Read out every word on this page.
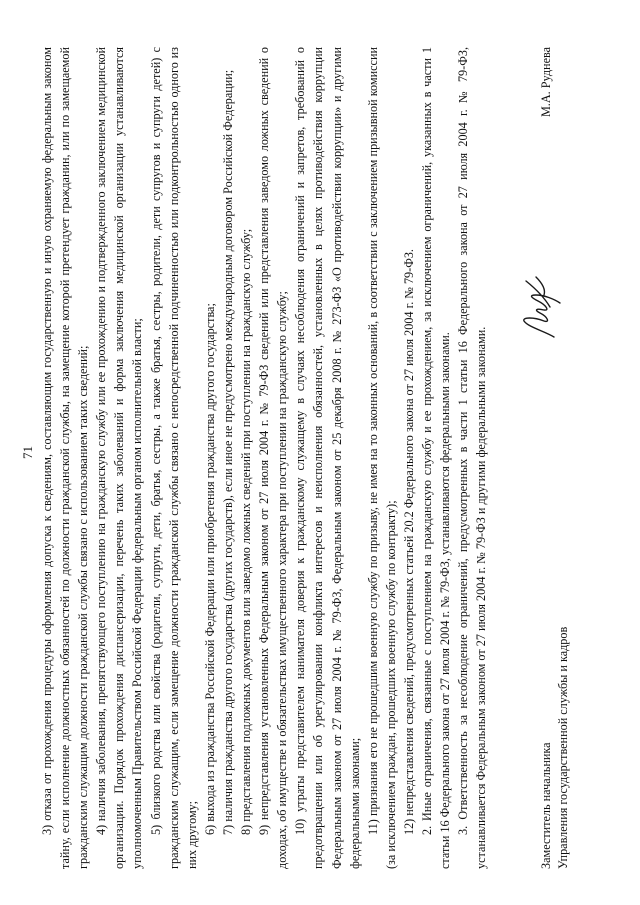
71 3) отказа от прохождения процедуры оформления допуска к сведениям, составляющим государственную и иную охраняемую федеральным законом тайну, если исполнение должностных обязанностей по должности гражданской службы, на замещение которой претендует гражданин, или по замещаемой гражданским служащим должности гражданской службы связано с использованием таких сведений; 4) наличия заболевания, препятствующего поступлению на гражданскую службу или ее прохождению и подтвержденного заключением медицинской организации. Порядок прохождения диспансеризации, перечень таких заболеваний и форма заключения медицинской организации устанавливаются уполномоченным Правительством Российской Федерации федеральным органом исполнительной власти; 5) близкого родства или свойства (родители, супруги, дети, братья, сестры, а также братья, сестры, родители, дети супругов и супруги детей) с гражданским служащим, если замещение должности гражданской службы связано с непосредственной подчиненностью или подконтрольностью одного из них другому; 6) выхода из гражданства Российской Федерации или приобретения гражданства другого государства; 7) наличия гражданства другого государства (других государств), если иное не предусмотрено международным договором Российской Федерации; 8) представления подложных документов или заведомо ложных сведений при поступлении на гражданскую службу; 9) непредставления установленных Федеральным законом от 27 июля 2004 г. № 79-ФЗ сведений или представления заведомо ложных сведений о доходах, об имуществе и обязательствах имущественного характера при поступлении на гражданскую службу; 10) утраты представителем нанимателя доверия к гражданскому служащему в случаях несоблюдения ограничений и запретов, требований о предотвращении или об урегулировании конфликта интересов и неисполнения обязанностей, установленных в целях противодействия коррупции Федеральным законом от 27 июля 2004 г. № 79-ФЗ, Федеральным законом от 25 декабря 2008 г. № 273-ФЗ «О противодействии коррупции» и другими федеральными законами; 11) признания его не прошедшим военную службу по призыву, не имея на то законных оснований, в соответствии с заключением призывной комиссии (за исключением граждан, прошедших военную службу по контракту); 12) непредставления сведений, предусмотренных статьей 20.2 Федерального закона от 27 июля 2004 г. № 79-ФЗ. 2. Иные ограничения, связанные с поступлением на гражданскую службу и ее прохождением, за исключением ограничений, указанных в части 1 статьи 16 Федерального закона от 27 июля 2004 г. № 79-ФЗ, устанавливаются федеральными законами. 3. Ответственность за несоблюдение ограничений, предусмотренных в части 1 статьи 16 Федерального закона от 27 июля 2004 г. № 79-ФЗ, устанавливается Федеральным законом от 27 июля 2004 г. № 79-ФЗ и другими федеральными законами.	Заместитель начальника Управления государственной службы и кадров
М.А. Руднева
